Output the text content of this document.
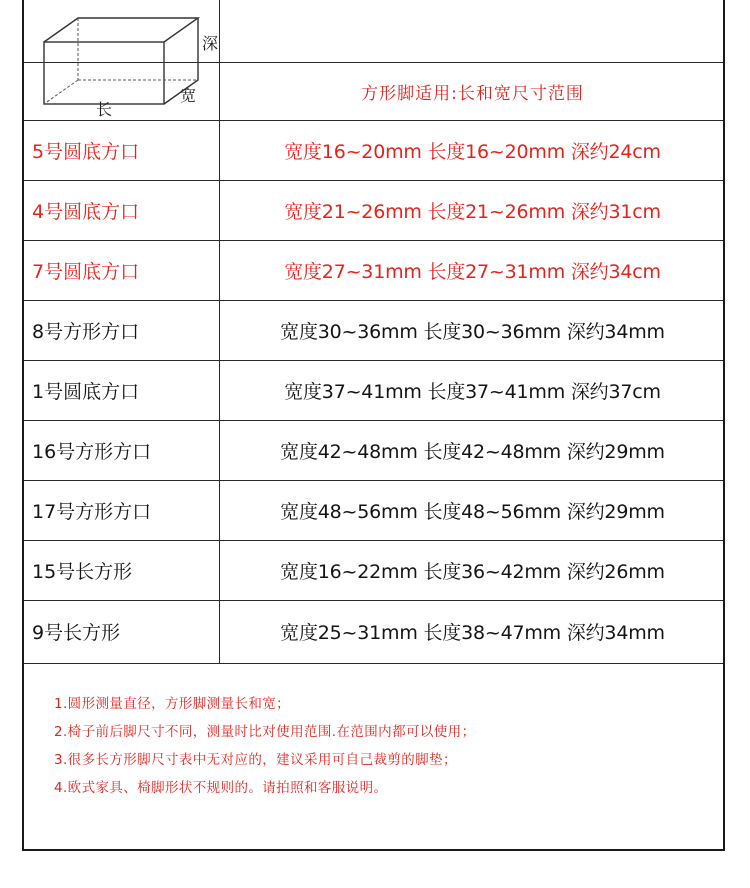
深
宽
长
方形脚适用:长和宽尺寸范围
5号圆底方口	宽度16~20mm 长度16~20mm 深约24cm
4号圆底方口	宽度21~26mm 长度21~26mm 深约31cm
7号圆底方口	宽度27~31mm 长度27~31mm 深约34cm
8号方形方口	宽度30~36mm 长度30~36mm 深约34mm
1号圆底方口	宽度37~41mm 长度37~41mm 深约37cm
16号方形方口	宽度42~48mm 长度42~48mm 深约29mm
17号方形方口	宽度48~56mm 长度48~56mm 深约29mm
15号长方形	宽度16~22mm 长度36~42mm 深约26mm
9号长方形	宽度25~31mm 长度38~47mm 深约34mm
1.圆形测量直径，方形脚测量长和宽；
2.椅子前后脚尺寸不同，测量时比对使用范围.在范围内都可以使用；
3.很多长方形脚尺寸表中无对应的，建议采用可自己裁剪的脚垫；
4.欧式家具、椅脚形状不规则的。请拍照和客服说明。
